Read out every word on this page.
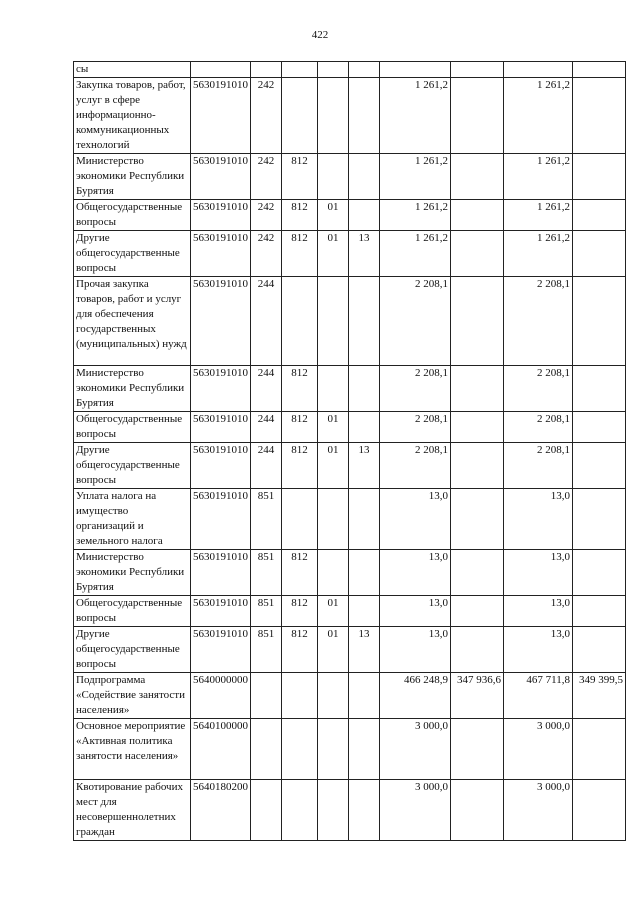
422
сы									
Закупка товаров, работ, услуг в сфере информационно-коммуникационных технологий	5630191010	242				1 261,2		1 261,2	
Министерство экономики Республики Бурятия	5630191010	242	812			1 261,2		1 261,2	
Общегосударственные вопросы	5630191010	242	812	01		1 261,2		1 261,2	
Другие общегосударственные вопросы	5630191010	242	812	01	13	1 261,2		1 261,2	
Прочая закупка товаров, работ и услуг для обеспечения государственных (муниципальных) нужд	5630191010	244				2 208,1		2 208,1	
Министерство экономики Республики Бурятия	5630191010	244	812			2 208,1		2 208,1	
Общегосударственные вопросы	5630191010	244	812	01		2 208,1		2 208,1	
Другие общегосударственные вопросы	5630191010	244	812	01	13	2 208,1		2 208,1	
Уплата налога на имущество организаций и земельного налога	5630191010	851				13,0		13,0	
Министерство экономики Республики Бурятия	5630191010	851	812			13,0		13,0	
Общегосударственные вопросы	5630191010	851	812	01		13,0		13,0	
Другие общегосударственные вопросы	5630191010	851	812	01	13	13,0		13,0	
Подпрограмма «Содействие занятости населения»	5640000000					466 248,9	347 936,6	467 711,8	349 399,5
Основное мероприятие «Активная политика занятости населения»	5640100000					3 000,0		3 000,0	
Квотирование рабочих мест для несовершеннолетних граждан	5640180200					3 000,0		3 000,0	
